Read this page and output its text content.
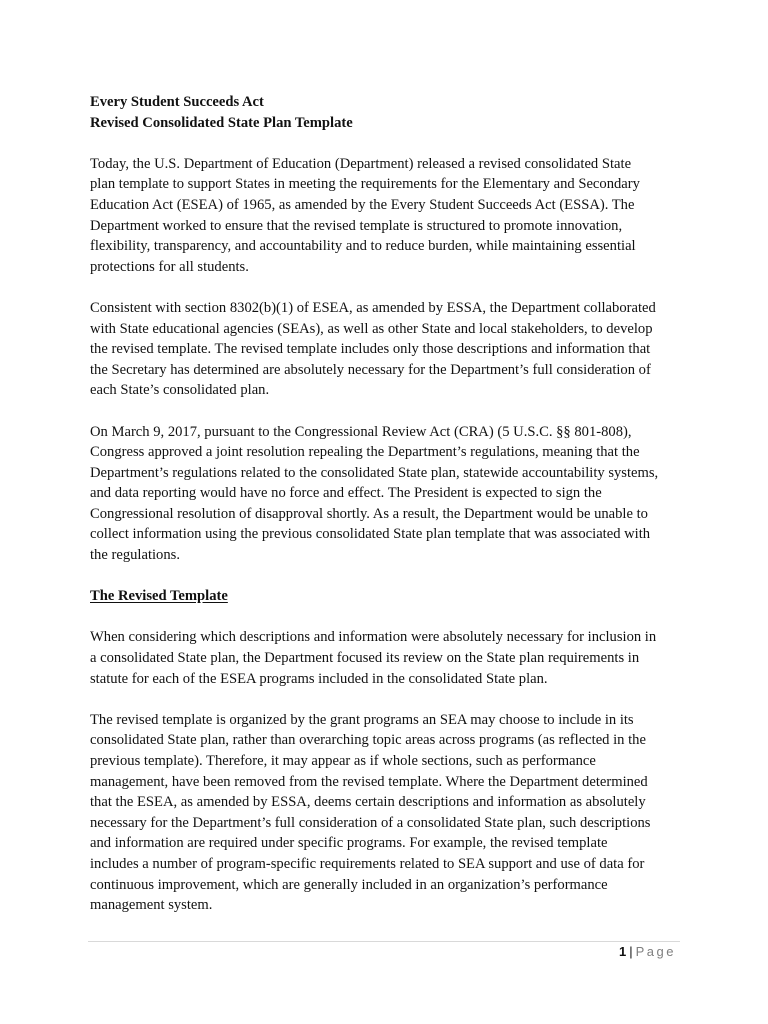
Every Student Succeeds Act
Revised Consolidated State Plan Template

Today, the U.S. Department of Education (Department) released a revised consolidated State
plan template to support States in meeting the requirements for the Elementary and Secondary
Education Act (ESEA) of 1965, as amended by the Every Student Succeeds Act (ESSA). The
Department worked to ensure that the revised template is structured to promote innovation,
flexibility, transparency, and accountability and to reduce burden, while maintaining essential
protections for all students.

Consistent with section 8302(b)(1) of ESEA, as amended by ESSA, the Department collaborated
with State educational agencies (SEAs), as well as other State and local stakeholders, to develop
the revised template. The revised template includes only those descriptions and information that
the Secretary has determined are absolutely necessary for the Department’s full consideration of
each State’s consolidated plan.

On March 9, 2017, pursuant to the Congressional Review Act (CRA) (5 U.S.C. §§ 801-808),
Congress approved a joint resolution repealing the Department’s regulations, meaning that the
Department’s regulations related to the consolidated State plan, statewide accountability systems,
and data reporting would have no force and effect. The President is expected to sign the
Congressional resolution of disapproval shortly. As a result, the Department would be unable to
collect information using the previous consolidated State plan template that was associated with
the regulations.

The Revised Template

When considering which descriptions and information were absolutely necessary for inclusion in
a consolidated State plan, the Department focused its review on the State plan requirements in
statute for each of the ESEA programs included in the consolidated State plan.

The revised template is organized by the grant programs an SEA may choose to include in its
consolidated State plan, rather than overarching topic areas across programs (as reflected in the
previous template). Therefore, it may appear as if whole sections, such as performance
management, have been removed from the revised template. Where the Department determined
that the ESEA, as amended by ESSA, deems certain descriptions and information as absolutely
necessary for the Department’s full consideration of a consolidated State plan, such descriptions
and information are required under specific programs. For example, the revised template
includes a number of program-specific requirements related to SEA support and use of data for
continuous improvement, which are generally included in an organization’s performance
management system.

1 | Page
